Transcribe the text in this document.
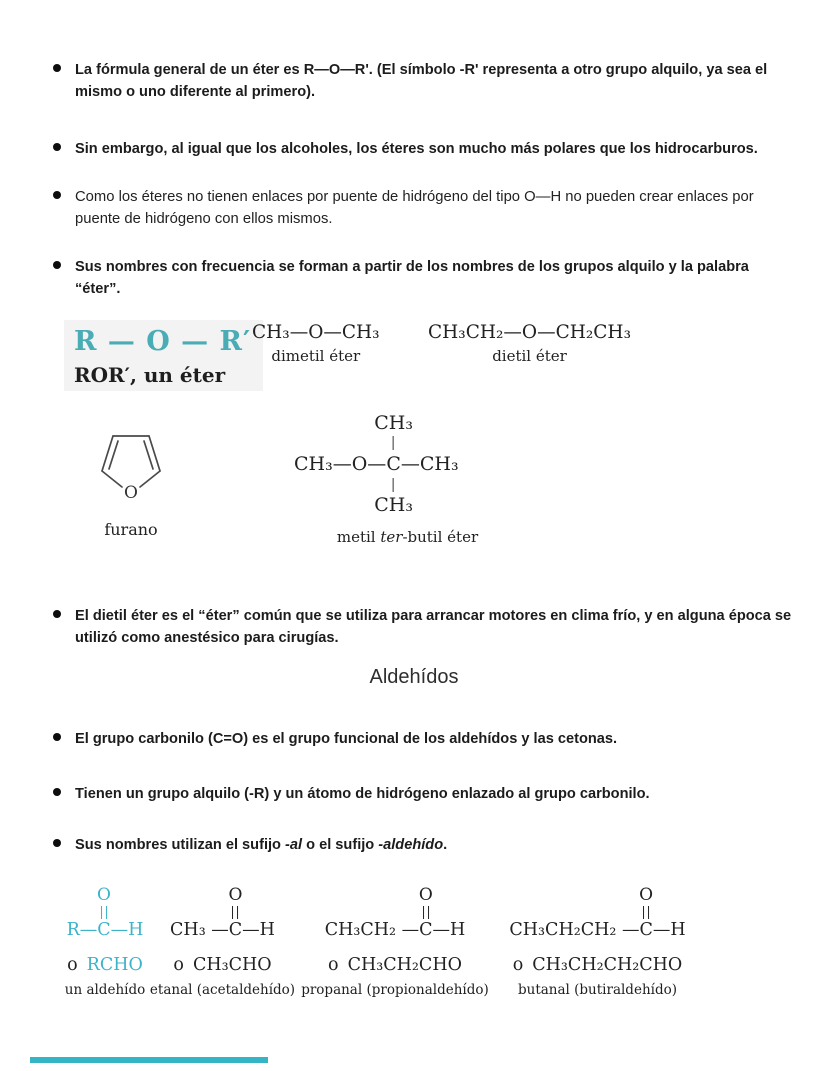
La fórmula general de un éter es R—O—R'. (El símbolo -R' representa a otro grupo alquilo, ya sea el mismo o uno diferente al primero).
Sin embargo, al igual que los alcoholes, los éteres son mucho más polares que los hidrocarburos.
Como los éteres no tienen enlaces por puente de hidrógeno del tipo O—H no pueden crear enlaces por puente de hidrógeno con ellos mismos.
Sus nombres con frecuencia se forman a partir de los nombres de los grupos alquilo y la palabra “éter”.
R — O — R′
ROR′, un éter
CH₃—O—CH₃
dimetil éter
CH₃CH₂—O—CH₂CH₃
dietil éter
O
furano
CH₃—O—
CH₃
C
CH₃
—CH₃
metil ter-butil éter
El dietil éter es el “éter” común que se utiliza para arrancar motores en clima frío, y en alguna época se utilizó como anestésico para cirugías.
Aldehídos
El grupo carbonilo (C=O) es el grupo funcional de los aldehídos y las cetonas.
Tienen un grupo alquilo (-R) y un átomo de hidrógeno enlazado al grupo carbonilo.
Sus nombres utilizan el sufijo -al o el sufijo -aldehído.
R—
O
C—H
o RCHO
un aldehído
CH₃ —
O
C—H
o CH₃CHO
etanal (acetaldehído)
CH₃CH₂ —
O
C—H
o CH₃CH₂CHO
propanal (propionaldehído)
CH₃CH₂CH₂ —
O
C—H
o CH₃CH₂CH₂CHO
butanal (butiraldehído)
